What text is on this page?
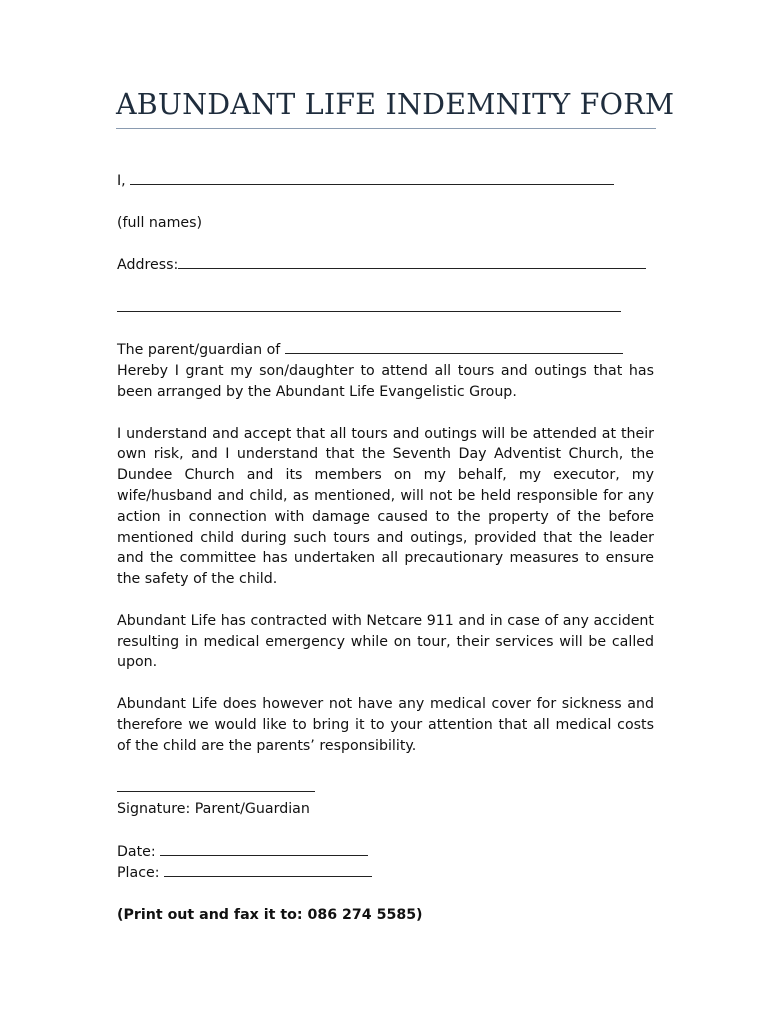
ABUNDANT LIFE INDEMNITY FORM

I,

(full names)

Address:

The parent/guardian of

Hereby I grant my son/daughter to attend all tours and outings that has been arranged by the Abundant Life Evangelistic Group.

I understand and accept that all tours and outings will be attended at their own risk, and I understand that the Seventh Day Adventist Church, the Dundee Church and its members on my behalf, my executor, my wife/husband and child, as mentioned, will not be held responsible for any action in connection with damage caused to the property of the before mentioned child during such tours and outings, provided that the leader and the committee has undertaken all precautionary measures to ensure the safety of the child.

Abundant Life has contracted with Netcare 911 and in case of any accident resulting in medical emergency while on tour, their services will be called upon.

Abundant Life does however not have any medical cover for sickness and therefore we would like to bring it to your attention that all medical costs of the child are the parents’ responsibility.

Signature: Parent/Guardian

Date:

Place:

(Print out and fax it to: 086 274 5585)
